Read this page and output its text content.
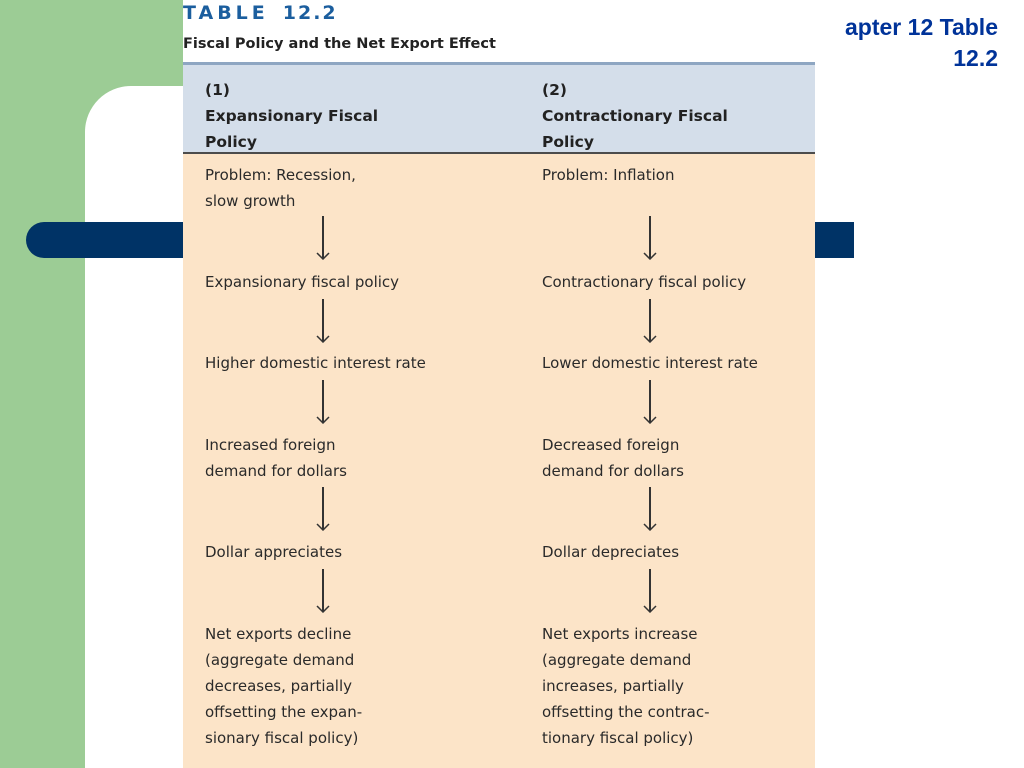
apter 12 Table
12.2
TABLE 12.2
Fiscal Policy and the Net Export Effect
(1)
Expansionary Fiscal
Policy
(2)
Contractionary Fiscal
Policy
Problem: Recession,
slow growth
Expansionary fiscal policy
Higher domestic interest rate
Increased foreign
demand for dollars
Dollar appreciates
Net exports decline
(aggregate demand
decreases, partially
offsetting the expan-
sionary fiscal policy)
Problem: Inflation
Contractionary fiscal policy
Lower domestic interest rate
Decreased foreign
demand for dollars
Dollar depreciates
Net exports increase
(aggregate demand
increases, partially
offsetting the contrac-
tionary fiscal policy)
